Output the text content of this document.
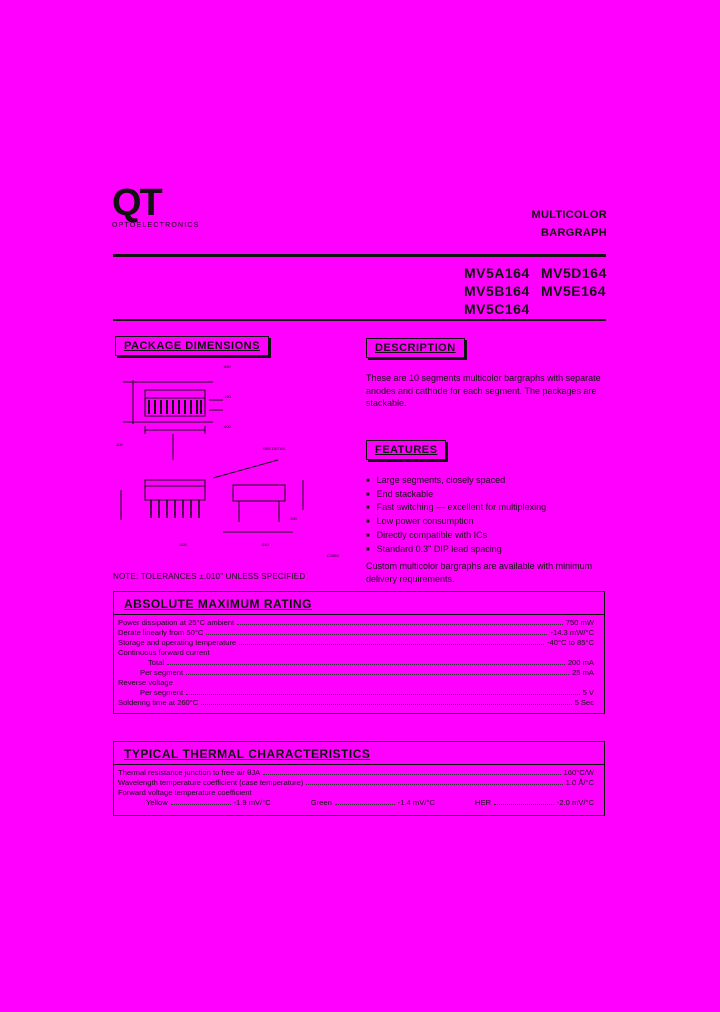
QT
OPTOELECTRONICS
MULTICOLOR
BARGRAPH
MV5A164 MV5D164
MV5B164 MV5E164
MV5C164
PACKAGE DIMENSIONS
.880
.190
.400
.100
SEE DETAIL
.300
.020	.010
C1888
NOTE: TOLERANCES ±.010" UNLESS SPECIFIED
DESCRIPTION
These are 10 segments multicolor bargraphs with separate anodes and cathode for each segment. The packages are stackable.
FEATURES
■ Large segments, closely spaced
■ End stackable
■ Fast switching — excellent for multiplexing
■ Low power consumption
■ Directly compatible with ICs
■ Standard 0.3" DIP lead spacing
Custom multicolor bargraphs are available with minimum delivery requirements.
ABSOLUTE MAXIMUM RATING
Power dissipation at 25°C ambient	750 mW
Derate linearly from 50°C	-14.3 mW/°C
Storage and operating temperature	-40°C to 85°C
Continuous forward current
Total	200 mA
Per segment	25 mA
Reverse voltage
Per segment	5 V
Soldering time at 260°C	5 Sec
TYPICAL THERMAL CHARACTERISTICS
Thermal resistance junction to free air θJA	160°C/W
Wavelength temperature coefficient (case temperature)	1.0 Å/°C
Forward voltage temperature coefficient
Yellow	-1.9 mV/°C	Green	-1.4 mV/°C	HER	-2.0 mV/°C
